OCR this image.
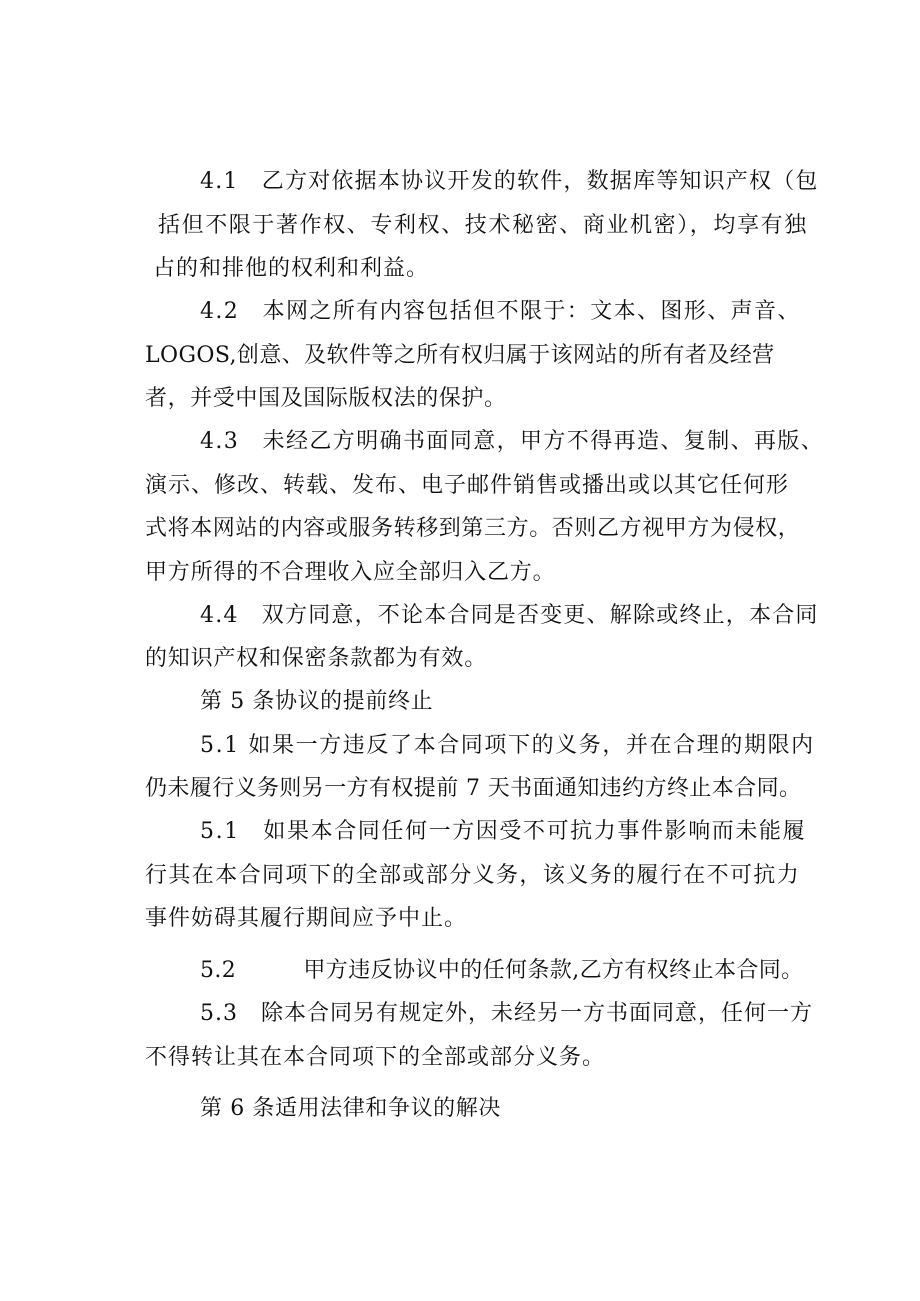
4.1　乙方对依据本协议开发的软件，数据库等知识产权（包

括但不限于著作权、专利权、技术秘密、商业机密），均享有独

占的和排他的权利和利益。

4.2　本网之所有内容包括但不限于：文本、图形、声音、

LOGOS,创意、及软件等之所有权归属于该网站的所有者及经营

者，并受中国及国际版权法的保护。

4.3　未经乙方明确书面同意，甲方不得再造、复制、再版、

演示、修改、转载、发布、电子邮件销售或播出或以其它任何形

式将本网站的内容或服务转移到第三方。否则乙方视甲方为侵权，

甲方所得的不合理收入应全部归入乙方。

4.4　双方同意，不论本合同是否变更、解除或终止，本合同

的知识产权和保密条款都为有效。

第 5 条协议的提前终止

5.1 如果一方违反了本合同项下的义务，并在合理的期限内

仍未履行义务则另一方有权提前 7 天书面通知违约方终止本合同。

5.1　如果本合同任何一方因受不可抗力事件影响而未能履

行其在本合同项下的全部或部分义务，该义务的履行在不可抗力

事件妨碍其履行期间应予中止。

5.2　　　甲方违反协议中的任何条款,乙方有权终止本合同。

5.3　除本合同另有规定外，未经另一方书面同意，任何一方

不得转让其在本合同项下的全部或部分义务。

第 6 条适用法律和争议的解决
